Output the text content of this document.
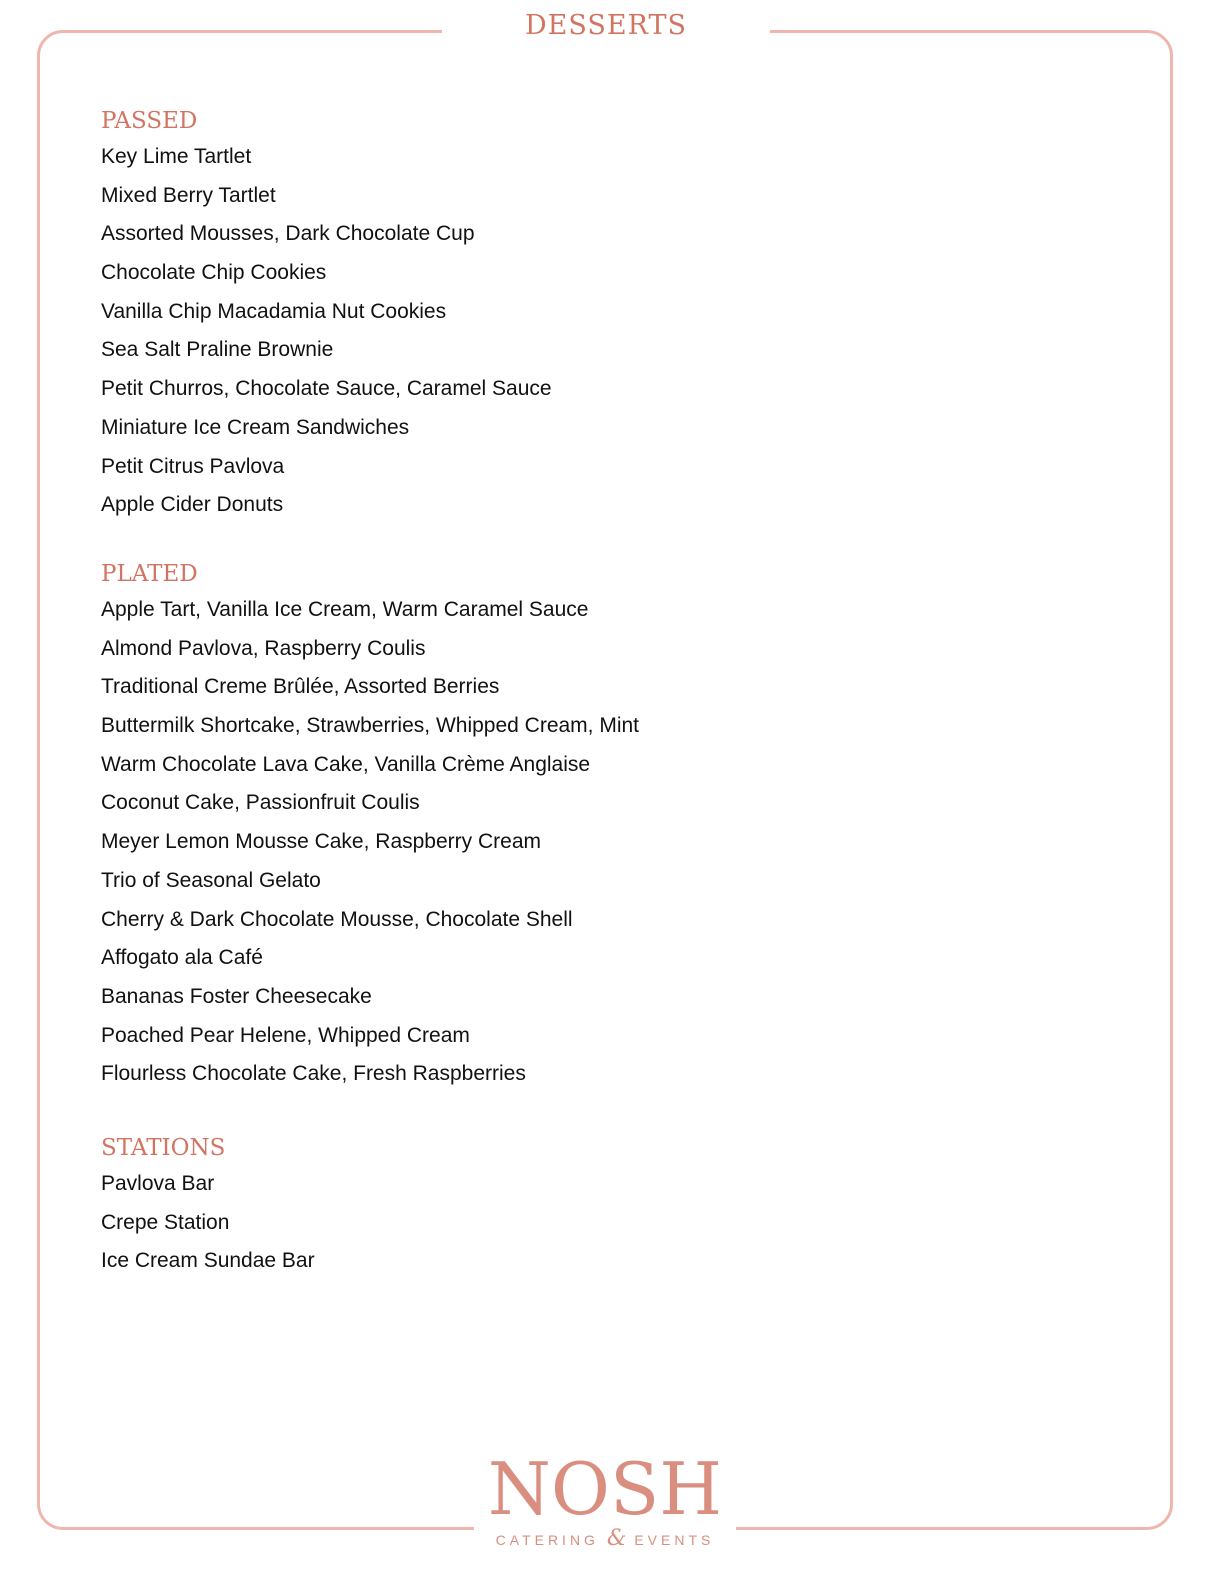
DESSERTS
PASSED
Key Lime Tartlet
Mixed Berry Tartlet
Assorted Mousses, Dark Chocolate Cup
Chocolate Chip Cookies
Vanilla Chip Macadamia Nut Cookies
Sea Salt Praline Brownie
Petit Churros, Chocolate Sauce, Caramel Sauce
Miniature Ice Cream Sandwiches
Petit Citrus Pavlova
Apple Cider Donuts
PLATED
Apple Tart, Vanilla Ice Cream, Warm Caramel Sauce
Almond Pavlova, Raspberry Coulis
Traditional Creme Brûlée, Assorted Berries
Buttermilk Shortcake, Strawberries, Whipped Cream, Mint
Warm Chocolate Lava Cake, Vanilla Crème Anglaise
Coconut Cake, Passionfruit Coulis
Meyer Lemon Mousse Cake, Raspberry Cream
Trio of Seasonal Gelato
Cherry & Dark Chocolate Mousse, Chocolate Shell
Affogato ala Café
Bananas Foster Cheesecake
Poached Pear Helene, Whipped Cream
Flourless Chocolate Cake, Fresh Raspberries
STATIONS
Pavlova Bar
Crepe Station
Ice Cream Sundae Bar
NOSH
CATERING & EVENTS
